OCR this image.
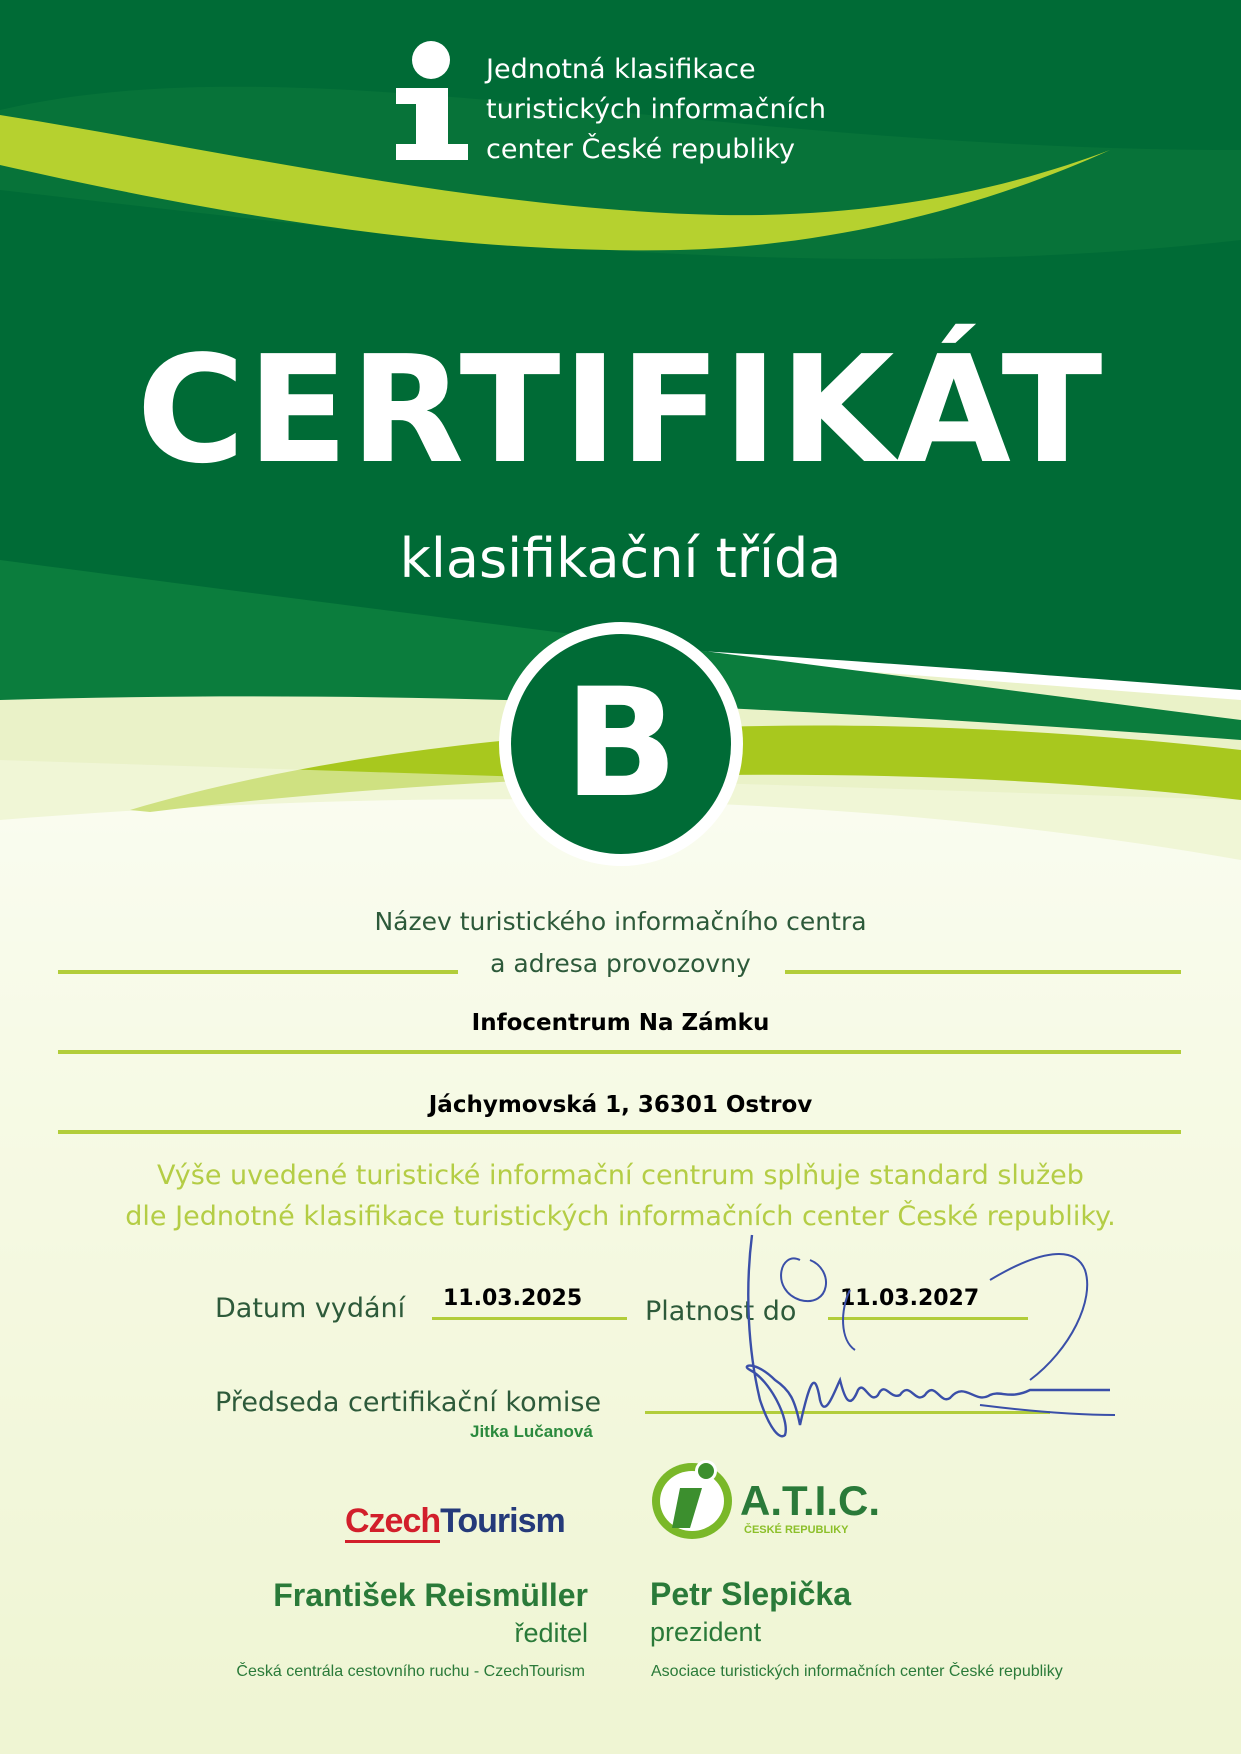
Jednotná klasifikace
turistických informačních
center České republiky
CERTIFIKÁT
klasifikační třída
B
Název turistického informačního centra
a adresa provozovny
Infocentrum Na Zámku
Jáchymovská 1, 36301 Ostrov
Výše uvedené turistické informační centrum splňuje standard služeb
dle Jednotné klasifikace turistických informačních center České republiky.
Datum vydání 11.03.2025 Platnost do 11.03.2027
Předseda certifikační komise
Jitka Lučanová
CzechTourism	A.T.I.C.
ČESKÉ REPUBLIKY
František Reismüller
ředitel
Česká centrála cestovního ruchu - CzechTourism
Petr Slepička
prezident
Asociace turistických informačních center České republiky
